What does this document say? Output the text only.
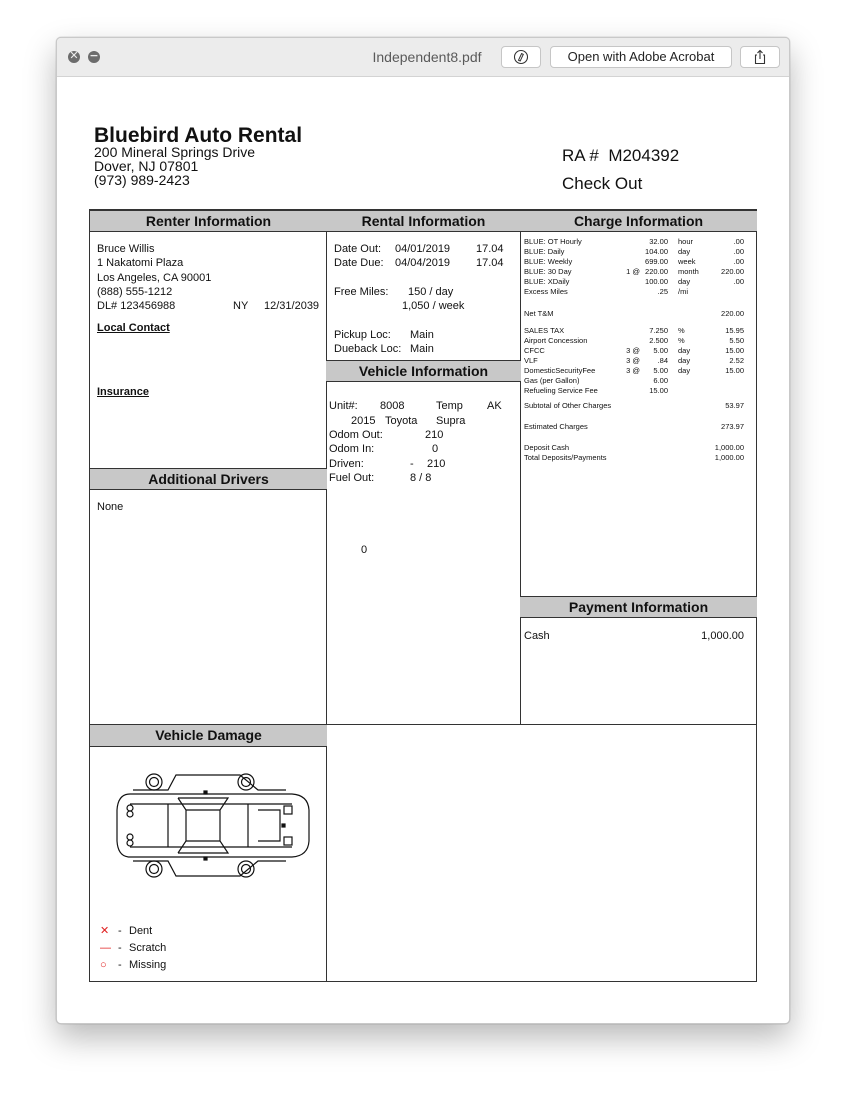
✕ −	Independent8.pdf	Open with Adobe Acrobat
Bluebird Auto Rental
200 Mineral Springs Drive
Dover, NJ 07801
(973) 989-2423
RA # M204392
Check Out
Renter Information	Rental Information	Charge Information
Vehicle Information
Additional Drivers
Payment Information
Vehicle Damage
Bruce Willis
1 Nakatomi Plaza
Los Angeles, CA 90001
(888) 555-1212
DL# 123456988	NY 12/31/2039
Local Contact
Insurance
None
Date Out: 04/01/2019 17.04
Date Due: 04/04/2019 17.04
Free Miles: 150 / day
1,050 / week
Pickup Loc: Main
Dueback Loc: Main
Unit#: 8008	Temp AK
2015 Toyota Supra
Odom Out:	210
Odom In:	0
Driven:	- 210
Fuel Out:	8 / 8
0
BLUE: OT Hourly	32.00 hour	.00
BLUE: Daily	104.00 day	.00
BLUE: Weekly	699.00 week	.00
BLUE: 30 Day	1 @ 220.00 month	220.00
BLUE: XDaily	100.00 day	.00
Excess Miles	.25 /mi
Net T&M	220.00
SALES TAX	7.250 %	15.95
Airport Concession	2.500 %	5.50
CFCC	3 @	5.00 day	15.00
VLF	3 @	.84 day	2.52
DomesticSecurityFee	3 @	5.00 day	15.00
Gas (per Gallon)	6.00
Refueling Service Fee	15.00
Subtotal of Other Charges	53.97
Estimated Charges	273.97
Deposit Cash	1,000.00
Total Deposits/Payments	1,000.00
Cash	1,000.00
✕ - Dent
— - Scratch
○ - Missing
